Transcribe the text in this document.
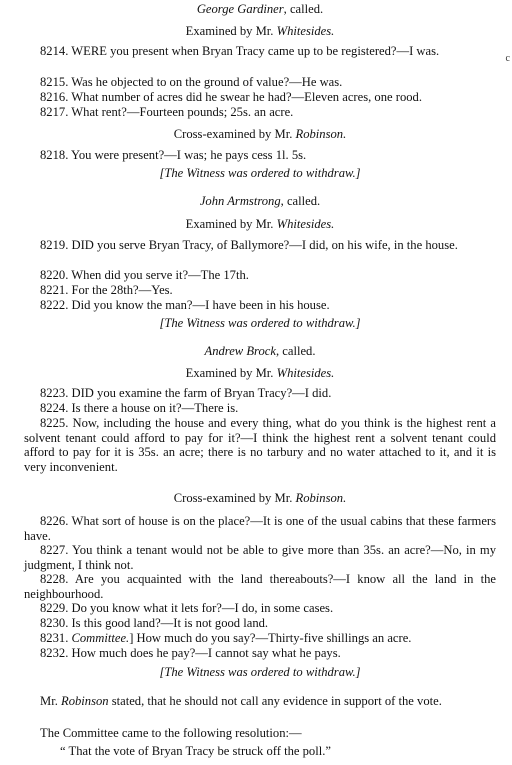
George Gardiner, called.
Examined by Mr. Whitesides.
8214. WERE you present when Bryan Tracy came up to be registered?—I was.
8215. Was he objected to on the ground of value?—He was.
8216. What number of acres did he swear he had?—Eleven acres, one rood.
8217. What rent?—Fourteen pounds; 25s. an acre.
Cross-examined by Mr. Robinson.
8218. You were present?—I was; he pays cess 1l. 5s.
[The Witness was ordered to withdraw.]
John Armstrong, called.
Examined by Mr. Whitesides.
8219. DID you serve Bryan Tracy, of Ballymore?—I did, on his wife, in the house.
8220. When did you serve it?—The 17th.
8221. For the 28th?—Yes.
8222. Did you know the man?—I have been in his house.
[The Witness was ordered to withdraw.]
Andrew Brock, called.
Examined by Mr. Whitesides.
8223. DID you examine the farm of Bryan Tracy?—I did.
8224. Is there a house on it?—There is.
8225. Now, including the house and every thing, what do you think is the highest rent a solvent tenant could afford to pay for it?—I think the highest rent a solvent tenant could afford to pay for it is 35s. an acre; there is no tarbury and no water attached to it, and it is very inconvenient.
Cross-examined by Mr. Robinson.
8226. What sort of house is on the place?—It is one of the usual cabins that these farmers have.
8227. You think a tenant would not be able to give more than 35s. an acre?—No, in my judgment, I think not.
8228. Are you acquainted with the land thereabouts?—I know all the land in the neighbourhood.
8229. Do you know what it lets for?—I do, in some cases.
8230. Is this good land?—It is not good land.
8231. Committee.] How much do you say?—Thirty-five shillings an acre.
8232. How much does he pay?—I cannot say what he pays.
[The Witness was ordered to withdraw.]
Mr. Robinson stated, that he should not call any evidence in support of the vote.
The Committee came to the following resolution:—
“ That the vote of Bryan Tracy be struck off the poll.”
c
